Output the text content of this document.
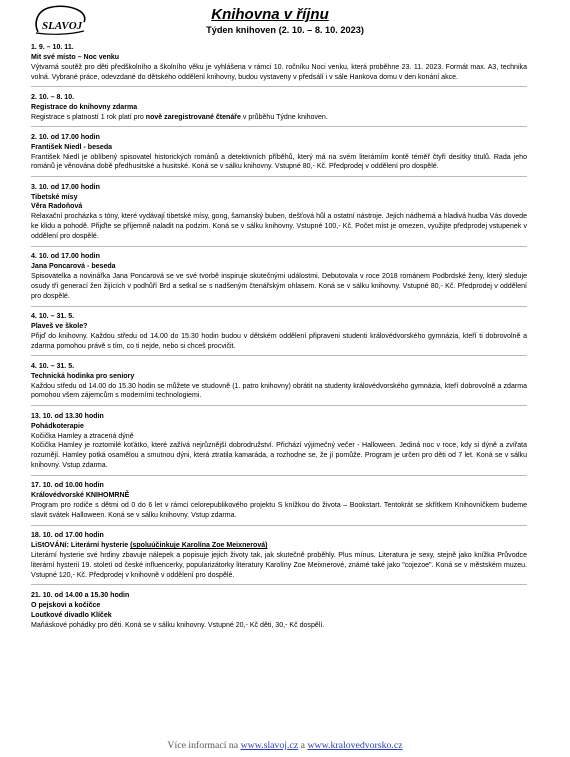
SLAVOJ
Knihovna v říjnu
Týden knihoven (2. 10. – 8. 10. 2023)
1. 9. – 10. 11.
Mit své místo – Noc venku
Výtvarná soutěž pro děti předškolního a školního věku je vyhlášena v rámci 10. ročníku Noci venku, která proběhne 23. 11. 2023. Formát max. A3, technika volná. Vybrané práce, odevzdané do dětského oddělení knihovny, budou vystaveny v předsálí i v sále Hankova domu v den konání akce.
2. 10. – 8. 10.
Registrace do knihovny zdarma
Registrace s platností 1 rok platí pro nově zaregistrované čtenáře v průběhu Týdne knihoven.
2. 10. od 17.00 hodin
František Niedl - beseda
František Niedl je oblíbený spisovatel historických románů a detektivních příběhů, který má na svém literárním kontě téměř čtyři desítky titulů. Rada jeho románů je věnována době předhusitské a husitské. Koná se v sálku knihovny. Vstupné 80,- Kč. Předprodej v oddělení pro dospělé.
3. 10. od 17.00 hodin
Tibetské mísy
Věra Radoňová
Relaxační procházka s tóny, které vydávají tibetské mísy, gong, šamanský buben, dešťová hůl a ostatní nástroje. Jejich nádherná a hladivá hudba Vás dovede ke klidu a pohodě. Přijďte se příjemně naladit na podzim. Koná se v sálku knihovny. Vstupné 100,- Kč. Počet míst je omezen, využijte předprodej vstupenek v oddělení pro dospělé.
4. 10. od 17.00 hodin
Jana Poncarová - beseda
Spisovatelka a novinářka Jana Poncarová se ve své tvorbě inspiruje skutečnými událostmi. Debutovala v roce 2018 románem Podbrdské ženy, který sleduje osudy tří generací žen žijících v podhůří Brd a setkal se s nadšeným čtenářským ohlasem. Koná se v sálku knihovny. Vstupné 80,- Kč. Předprodej v oddělení pro dospělé.
4. 10. – 31. 5.
Plaveš ve škole?
Přijď do knihovny. Každou středu od 14.00 do 15.30 hodin budou v dětském oddělení připraveni studenti královédvorského gymnázia, kteří ti dobrovolně a zdarma pomohou právě s tím, co ti nejde, nebo si chceš procvičit.
4. 10. – 31. 5.
Technická hodinka pro seniory
Každou středu od 14.00 do 15.30 hodin se můžete ve studovně (1. patro knihovny) obrátit na studenty královédvorského gymnázia, kteří dobrovolně a zdarma pomohou všem zájemcům s moderními technologiemi.
13. 10. od 13.30 hodin
Pohádkoterapie
Kočička Hamley a ztracená dýně
Kočička Hamley je roztomilé koťátko, které zažívá nejrůznější dobrodružství. Přichází výjimečný večer - Halloween. Jediná noc v roce, kdy si dýně a zvířata rozumějí. Hamley potká osamělou a smutnou dýni, která ztratila kamaráda, a rozhodne se, že jí pomůže. Program je určen pro děti od 7 let. Koná se v sálku knihovny. Vstup zdarma.
17. 10. od 10.00 hodin
Královédvorské KNIHOMRNĚ
Program pro rodiče s dětmi od 0 do 6 let v rámci celorepublikového projektu S knížkou do života – Bookstart. Tentokrát se skřítkem Knihovníčkem budeme slavit svátek Halloween. Koná se v sálku knihovny. Vstup zdarma.
18. 10. od 17.00 hodin
LiStOVÁNí: Literární hysterie (spoluúčinkuje Karolína Zoe Meixnerová)
Literární hysterie své hrdiny zbavuje nálepek a popisuje jejich životy tak, jak skutečně proběhly. Plus mínus. Literatura je sexy, stejně jako knížka Průvodce literární hysterií 19. století od české influencerky, popularizátorky literatury Karolíny Zoe Meixnerové, známé také jako "cojezoe". Koná se v městském muzeu. Vstupné 120,- Kč. Předprodej v knihovně v oddělení pro dospělé.
21. 10. od 14.00 a 15.30 hodin
O pejskovi a kočičce
Loutkové divadlo Klíček
Maňáskové pohádky pro děti. Koná se v sálku knihovny. Vstupné 20,- Kč děti, 30,- Kč dospělí.
Více informací na www.slavoj.cz a www.kralovedvorsko.cz
